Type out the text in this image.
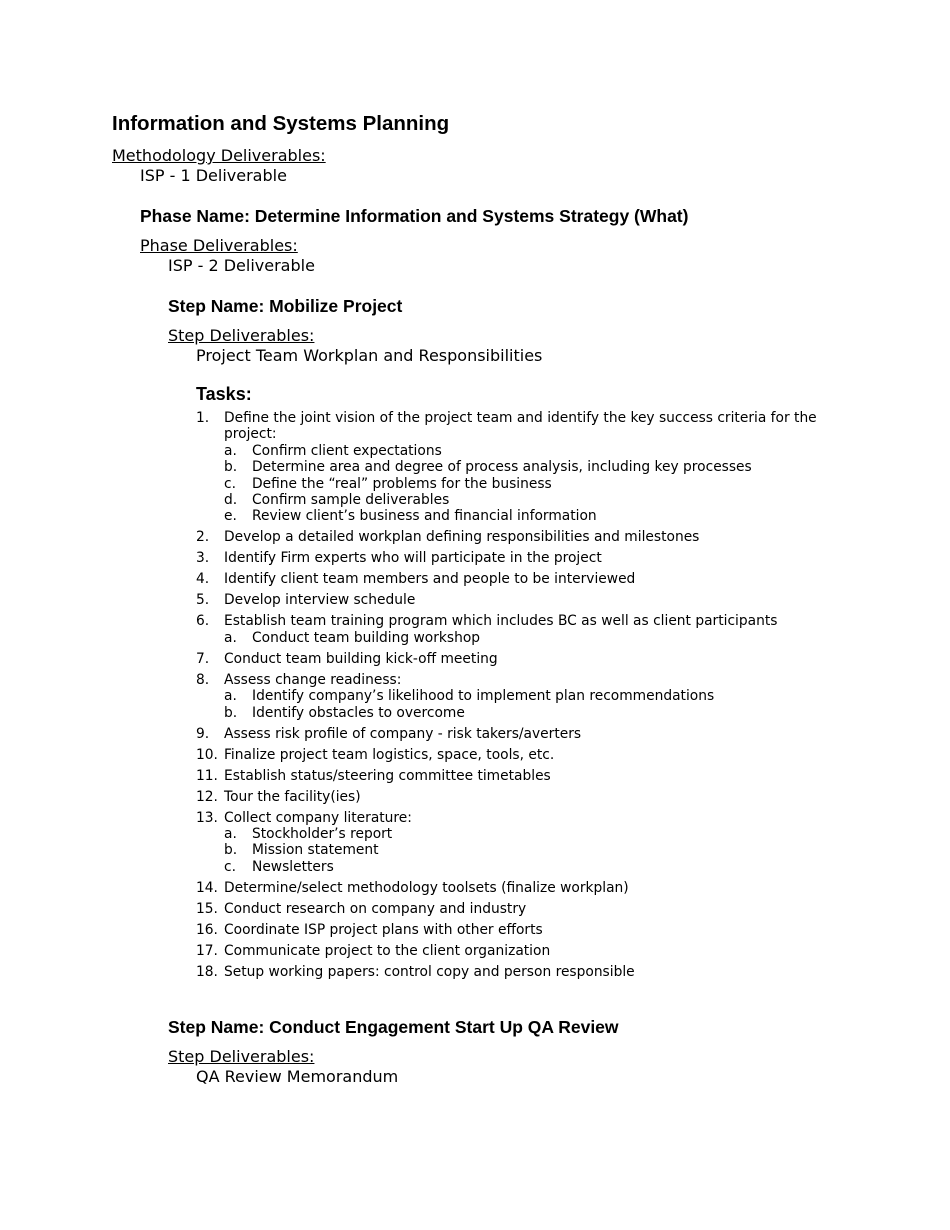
Information and Systems Planning
Methodology Deliverables:
ISP - 1 Deliverable
Phase Name: Determine Information and Systems Strategy (What)
Phase Deliverables:
ISP - 2 Deliverable
Step Name: Mobilize Project
Step Deliverables:
Project Team Workplan and Responsibilities
Tasks:
1. Define the joint vision of the project team and identify the key success criteria for the project:
a. Confirm client expectations
b. Determine area and degree of process analysis, including key processes
c. Define the “real” problems for the business
d. Confirm sample deliverables
e. Review client’s business and financial information
2. Develop a detailed workplan defining responsibilities and milestones
3. Identify Firm experts who will participate in the project
4. Identify client team members and people to be interviewed
5. Develop interview schedule
6. Establish team training program which includes BC as well as client participants
a. Conduct team building workshop
7. Conduct team building kick-off meeting
8. Assess change readiness:
a. Identify company’s likelihood to implement plan recommendations
b. Identify obstacles to overcome
9. Assess risk profile of company - risk takers/averters
10. Finalize project team logistics, space, tools, etc.
11. Establish status/steering committee timetables
12. Tour the facility(ies)
13. Collect company literature:
a. Stockholder’s report
b. Mission statement
c. Newsletters
14. Determine/select methodology toolsets (finalize workplan)
15. Conduct research on company and industry
16. Coordinate ISP project plans with other efforts
17. Communicate project to the client organization
18. Setup working papers: control copy and person responsible
Step Name: Conduct Engagement Start Up QA Review
Step Deliverables:
QA Review Memorandum
